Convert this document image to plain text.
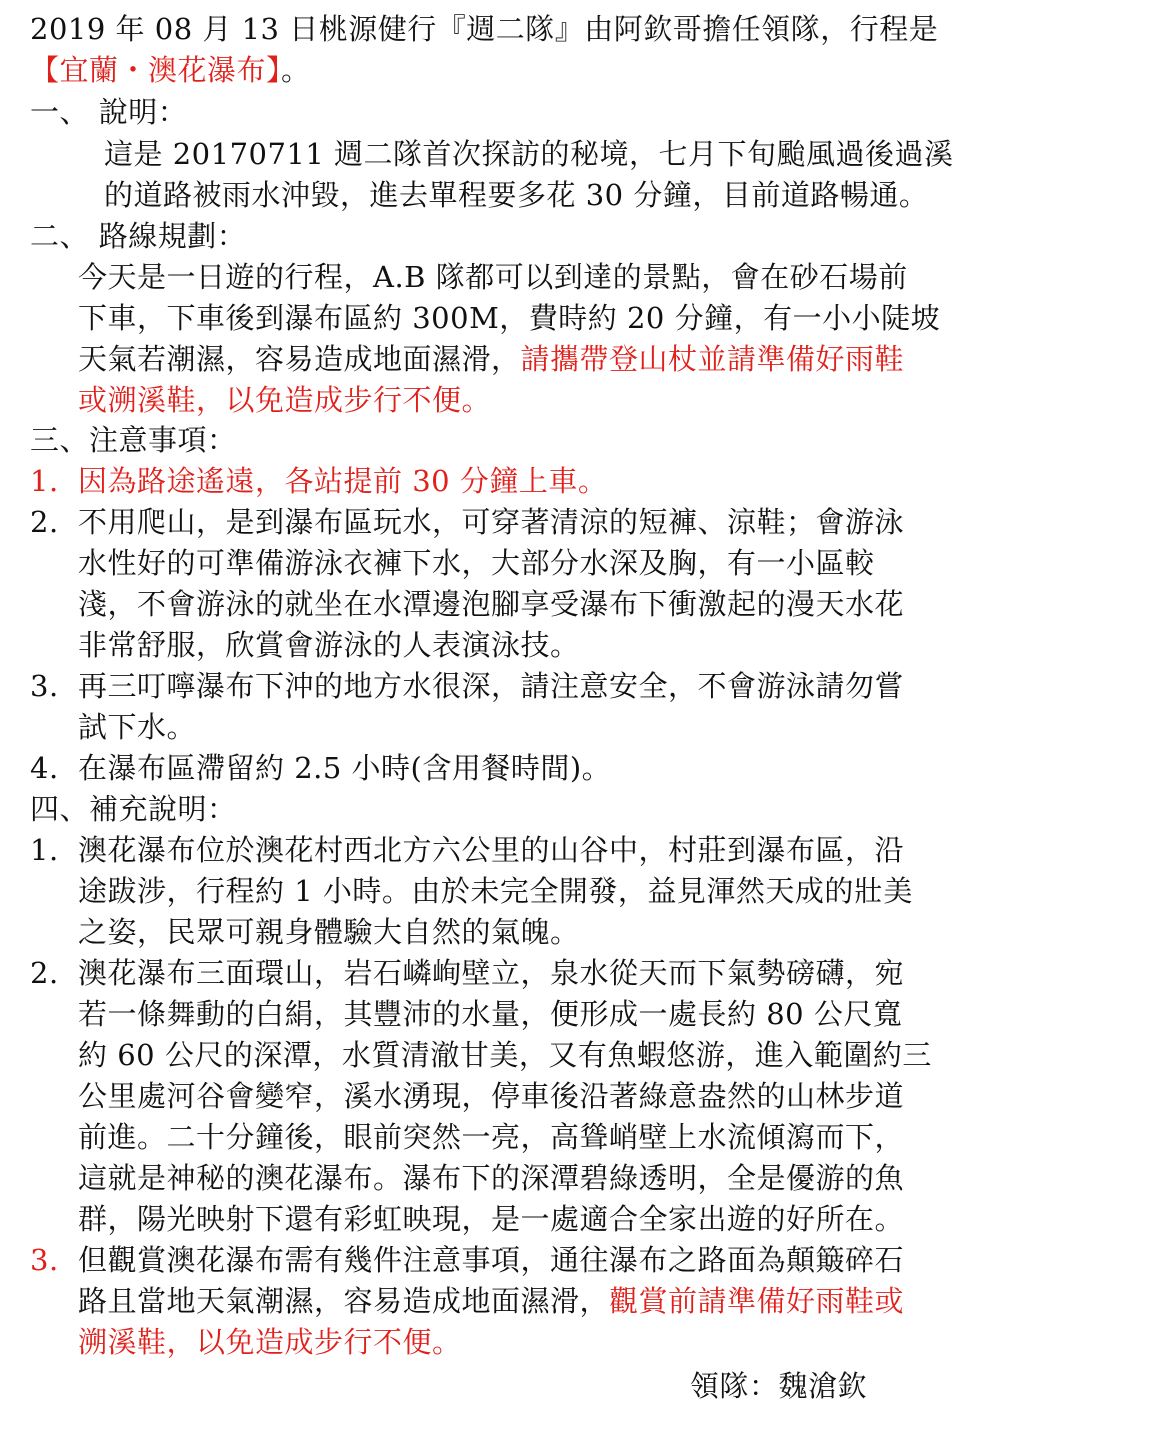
2019 年 08 月 13 日桃源健行『週二隊』由阿欽哥擔任領隊，行程是
【宜蘭・澳花瀑布】。
一、 說明：
這是 20170711 週二隊首次探訪的秘境，七月下旬颱風過後過溪
的道路被雨水沖毀，進去單程要多花 30 分鐘，目前道路暢通。
二、 路線規劃：
今天是一日遊的行程，A.B 隊都可以到達的景點，會在砂石場前
下車，下車後到瀑布區約 300M，費時約 20 分鐘，有一小小陡坡
天氣若潮濕，容易造成地面濕滑，請攜帶登山杖並請準備好雨鞋
或溯溪鞋，以免造成步行不便。
三、注意事項：
1. 因為路途遙遠，各站提前 30 分鐘上車。
2. 不用爬山，是到瀑布區玩水，可穿著清涼的短褲、涼鞋；會游泳
水性好的可準備游泳衣褲下水，大部分水深及胸，有一小區較
淺，不會游泳的就坐在水潭邊泡腳享受瀑布下衝激起的漫天水花
非常舒服，欣賞會游泳的人表演泳技。
3. 再三叮嚀瀑布下沖的地方水很深，請注意安全，不會游泳請勿嘗
試下水。
4. 在瀑布區滯留約 2.5 小時(含用餐時間)。
四、補充說明：
1. 澳花瀑布位於澳花村西北方六公里的山谷中，村莊到瀑布區，沿
途跋涉，行程約 1 小時。由於未完全開發，益見渾然天成的壯美
之姿，民眾可親身體驗大自然的氣魄。
2. 澳花瀑布三面環山，岩石嶙峋壁立，泉水從天而下氣勢磅礴，宛
若一條舞動的白絹，其豐沛的水量，便形成一處長約 80 公尺寬
約 60 公尺的深潭，水質清澈甘美，又有魚蝦悠游，進入範圍約三
公里處河谷會變窄，溪水湧現，停車後沿著綠意盎然的山林步道
前進。二十分鐘後，眼前突然一亮，高聳峭壁上水流傾瀉而下，
這就是神秘的澳花瀑布。瀑布下的深潭碧綠透明，全是優游的魚
群，陽光映射下還有彩虹映現，是一處適合全家出遊的好所在。
3. 但觀賞澳花瀑布需有幾件注意事項，通往瀑布之路面為顛簸碎石
路且當地天氣潮濕，容易造成地面濕滑，觀賞前請準備好雨鞋或
溯溪鞋，以免造成步行不便。
領隊：魏滄欽
